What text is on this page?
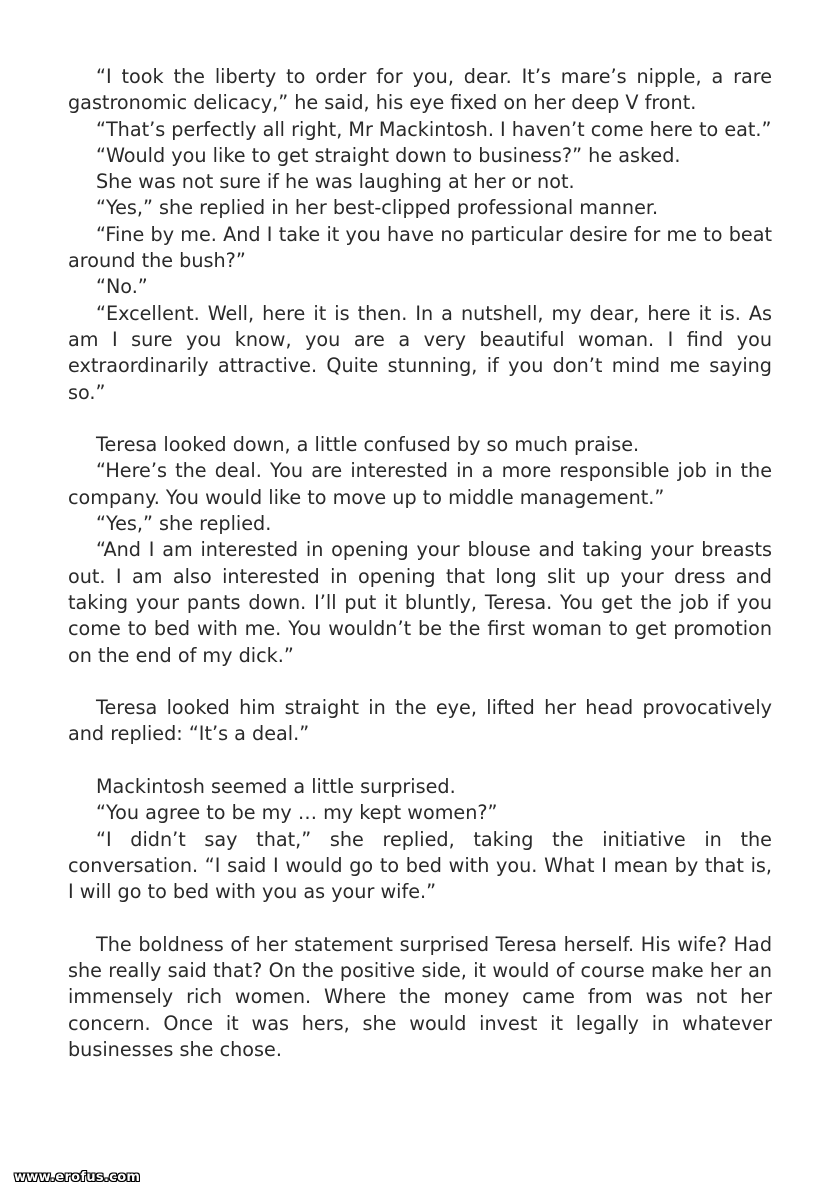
“I took the liberty to order for you, dear. It’s mare’s nipple, a rare gastronomic delicacy,” he said, his eye fixed on her deep V front.

“That’s perfectly all right, Mr Mackintosh. I haven’t come here to eat.”

“Would you like to get straight down to business?” he asked.

She was not sure if he was laughing at her or not.

“Yes,” she replied in her best-clipped professional manner.

“Fine by me. And I take it you have no particular desire for me to beat around the bush?”

“No.”

“Excellent. Well, here it is then. In a nutshell, my dear, here it is. As am I sure you know, you are a very beautiful woman. I find you extraordinarily attractive. Quite stunning, if you don’t mind me saying so.”

Teresa looked down, a little confused by so much praise.

“Here’s the deal. You are interested in a more responsible job in the company. You would like to move up to middle management.”

“Yes,” she replied.

“And I am interested in opening your blouse and taking your breasts out. I am also interested in opening that long slit up your dress and taking your pants down. I’ll put it bluntly, Teresa. You get the job if you come to bed with me. You wouldn’t be the first woman to get promotion on the end of my dick.”

Teresa looked him straight in the eye, lifted her head provocatively and replied: “It’s a deal.”

Mackintosh seemed a little surprised.

“You agree to be my … my kept women?”

“I didn’t say that,” she replied, taking the initiative in the conversation. “I said I would go to bed with you. What I mean by that is, I will go to bed with you as your wife.”

The boldness of her statement surprised Teresa herself. His wife? Had she really said that? On the positive side, it would of course make her an immensely rich women. Where the money came from was not her concern. Once it was hers, she would invest it legally in whatever businesses she chose.

www.erofus.com
